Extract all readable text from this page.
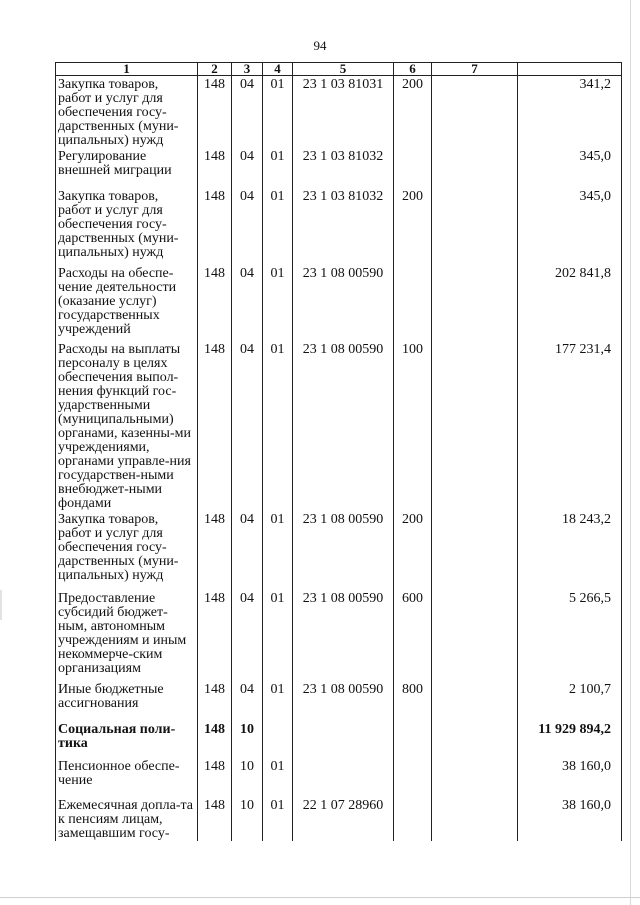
94
1	2	3	4	5	6	7	
Закупка товаров, работ и услуг для обеспечения госу-дарственных (муни-ципальных) нужд	148	04	01	23 1 03 81031	200		341,2
Регулирование внешней миграции	148	04	01	23 1 03 81032			345,0
Закупка товаров, работ и услуг для обеспечения госу-дарственных (муни-ципальных) нужд	148	04	01	23 1 03 81032	200		345,0
Расходы на обеспе-чение деятельности (оказание услуг) государственных учреждений	148	04	01	23 1 08 00590			202 841,8
Расходы на выплаты персоналу в целях обеспечения выпол-нения функций гос-ударственными (муниципальными) органами, казенны-ми учреждениями, органами управле-ния государствен-ными внебюджет-ными фондами	148	04	01	23 1 08 00590	100		177 231,4
Закупка товаров, работ и услуг для обеспечения госу-дарственных (муни-ципальных) нужд	148	04	01	23 1 08 00590	200		18 243,2
Предоставление субсидий бюджет-ным, автономным учреждениям и иным некоммерче-ским организациям	148	04	01	23 1 08 00590	600		5 266,5
Иные бюджетные ассигнования	148	04	01	23 1 08 00590	800		2 100,7
Социальная поли-тика	148	10					11 929 894,2
Пенсионное обеспе-чение	148	10	01				38 160,0
Ежемесячная допла-та к пенсиям лицам, замещавшим госу-	148	10	01	22 1 07 28960			38 160,0
